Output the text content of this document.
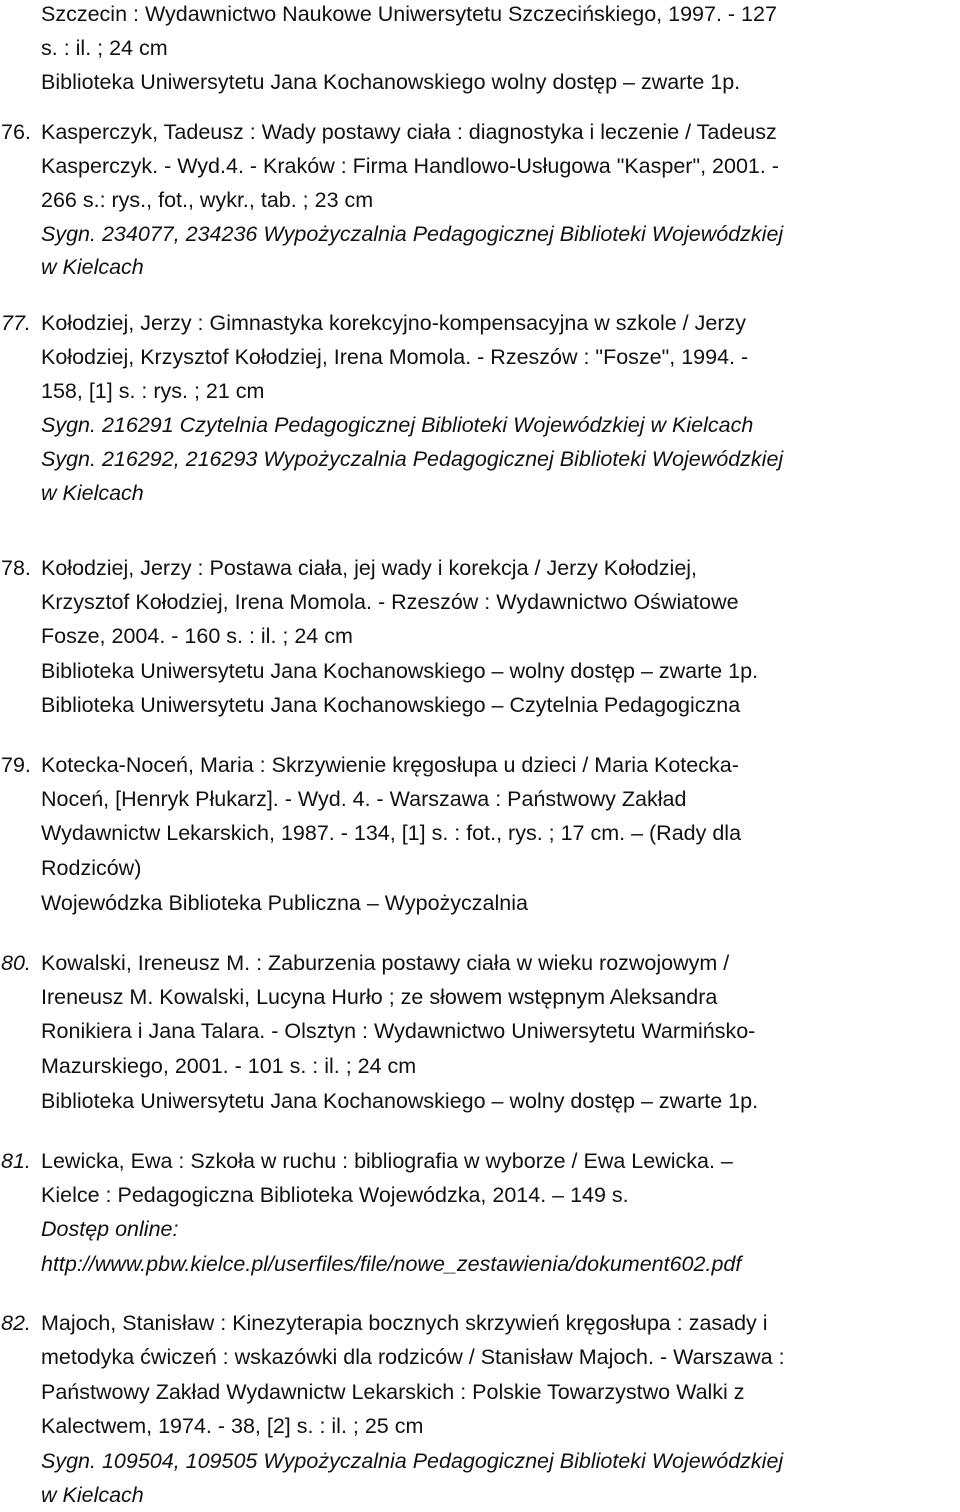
Szczecin : Wydawnictwo Naukowe Uniwersytetu Szczecińskiego, 1997. - 127
s. : il. ; 24 cm
Biblioteka Uniwersytetu Jana Kochanowskiego wolny dostęp – zwarte 1p.
76. Kasperczyk, Tadeusz : Wady postawy ciała : diagnostyka i leczenie / Tadeusz
Kasperczyk. - Wyd.4. - Kraków : Firma Handlowo-Usługowa "Kasper", 2001. -
266 s.: rys., fot., wykr., tab. ; 23 cm
Sygn. 234077, 234236 Wypożyczalnia Pedagogicznej Biblioteki Wojewódzkiej
w Kielcach
77. Kołodziej, Jerzy : Gimnastyka korekcyjno-kompensacyjna w szkole / Jerzy
Kołodziej, Krzysztof Kołodziej, Irena Momola. - Rzeszów : "Fosze", 1994. -
158, [1] s. : rys. ; 21 cm
Sygn. 216291 Czytelnia Pedagogicznej Biblioteki Wojewódzkiej w Kielcach
Sygn. 216292, 216293 Wypożyczalnia Pedagogicznej Biblioteki Wojewódzkiej
w Kielcach
78. Kołodziej, Jerzy : Postawa ciała, jej wady i korekcja / Jerzy Kołodziej,
Krzysztof Kołodziej, Irena Momola. - Rzeszów : Wydawnictwo Oświatowe
Fosze, 2004. - 160 s. : il. ; 24 cm
Biblioteka Uniwersytetu Jana Kochanowskiego – wolny dostęp – zwarte 1p.
Biblioteka Uniwersytetu Jana Kochanowskiego – Czytelnia Pedagogiczna
79. Kotecka-Noceń, Maria : Skrzywienie kręgosłupa u dzieci / Maria Kotecka-
Noceń, [Henryk Płukarz]. - Wyd. 4. - Warszawa : Państwowy Zakład
Wydawnictw Lekarskich, 1987. - 134, [1] s. : fot., rys. ; 17 cm. – (Rady dla
Rodziców)
Wojewódzka Biblioteka Publiczna – Wypożyczalnia
80. Kowalski, Ireneusz M. : Zaburzenia postawy ciała w wieku rozwojowym /
Ireneusz M. Kowalski, Lucyna Hurło ; ze słowem wstępnym Aleksandra
Ronikiera i Jana Talara. - Olsztyn : Wydawnictwo Uniwersytetu Warmińsko-
Mazurskiego, 2001. - 101 s. : il. ; 24 cm
Biblioteka Uniwersytetu Jana Kochanowskiego – wolny dostęp – zwarte 1p.
81. Lewicka, Ewa : Szkoła w ruchu : bibliografia w wyborze / Ewa Lewicka. –
Kielce : Pedagogiczna Biblioteka Wojewódzka, 2014. – 149 s.
Dostęp online:
http://www.pbw.kielce.pl/userfiles/file/nowe_zestawienia/dokument602.pdf
82. Majoch, Stanisław : Kinezyterapia bocznych skrzywień kręgosłupa : zasady i
metodyka ćwiczeń : wskazówki dla rodziców / Stanisław Majoch. - Warszawa :
Państwowy Zakład Wydawnictw Lekarskich : Polskie Towarzystwo Walki z
Kalectwem, 1974. - 38, [2] s. : il. ; 25 cm
Sygn. 109504, 109505 Wypożyczalnia Pedagogicznej Biblioteki Wojewódzkiej
w Kielcach
